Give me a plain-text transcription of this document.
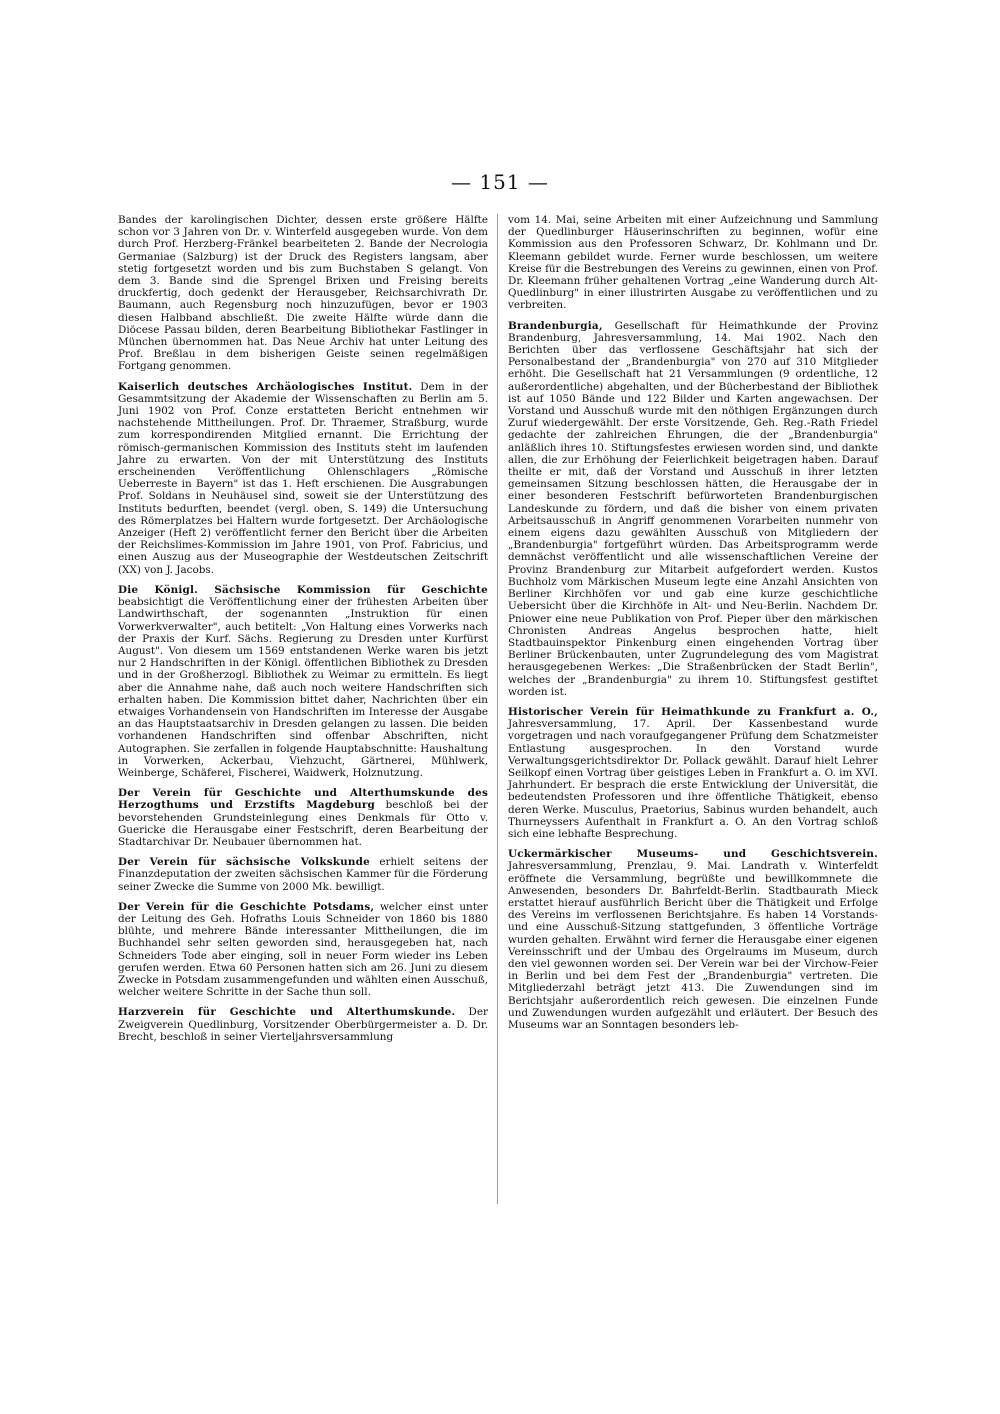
— 151 —

Bandes der karolingischen Dichter, dessen erste größere Hälfte schon vor 3 Jahren von Dr. v. Winterfeld ausgegeben wurde. Von dem durch Prof. Herzberg-Fränkel bearbeiteten 2. Bande der Necrologia Germaniae (Salzburg) ist der Druck des Registers langsam, aber stetig fortgesetzt worden und bis zum Buchstaben S gelangt. Von dem 3. Bande sind die Sprengel Brixen und Freising bereits druckfertig, doch gedenkt der Herausgeber, Reichsarchivrath Dr. Baumann, auch Regensburg noch hinzuzufügen, bevor er 1903 diesen Halbband abschließt. Die zweite Hälfte würde dann die Diöcese Passau bilden, deren Bearbeitung Bibliothekar Fastlinger in München übernommen hat. Das Neue Archiv hat unter Leitung des Prof. Breßlau in dem bisherigen Geiste seinen regelmäßigen Fortgang genommen.

Kaiserlich deutsches Archäologisches Institut. Dem in der Gesammtsitzung der Akademie der Wissenschaften zu Berlin am 5. Juni 1902 von Prof. Conze erstatteten Bericht entnehmen wir nachstehende Mittheilungen. Prof. Dr. Thraemer, Straßburg, wurde zum korrespondirenden Mitglied ernannt. Die Errichtung der römisch-germanischen Kommission des Instituts steht im laufenden Jahre zu erwarten. Von der mit Unterstützung des Instituts erscheinenden Veröffentlichung Ohlenschlagers „Römische Ueberreste in Bayern" ist das 1. Heft erschienen. Die Ausgrabungen Prof. Soldans in Neuhäusel sind, soweit sie der Unterstützung des Instituts bedurften, beendet (vergl. oben, S. 149) die Untersuchung des Römerplatzes bei Haltern wurde fortgesetzt. Der Archäologische Anzeiger (Heft 2) veröffentlicht ferner den Bericht über die Arbeiten der Reichslimes-Kommission im Jahre 1901, von Prof. Fabricius, und einen Auszug aus der Museographie der Westdeutschen Zeitschrift (XX) von J. Jacobs.

Die Königl. Sächsische Kommission für Geschichte beabsichtigt die Veröffentlichung einer der frühesten Arbeiten über Landwirthschaft, der sogenannten „Instruktion für einen Vorwerkverwalter", auch betitelt: „Von Haltung eines Vorwerks nach der Praxis der Kurf. Sächs. Regierung zu Dresden unter Kurfürst August". Von diesem um 1569 entstandenen Werke waren bis jetzt nur 2 Handschriften in der Königl. öffentlichen Bibliothek zu Dresden und in der Großherzogl. Bibliothek zu Weimar zu ermitteln. Es liegt aber die Annahme nahe, daß auch noch weitere Handschriften sich erhalten haben. Die Kommission bittet daher, Nachrichten über ein etwaiges Vorhandensein von Handschriften im Interesse der Ausgabe an das Hauptstaatsarchiv in Dresden gelangen zu lassen. Die beiden vorhandenen Handschriften sind offenbar Abschriften, nicht Autographen. Sie zerfallen in folgende Hauptabschnitte: Haushaltung in Vorwerken, Ackerbau, Viehzucht, Gärtnerei, Mühlwerk, Weinberge, Schäferei, Fischerei, Waidwerk, Holznutzung.

Der Verein für Geschichte und Alterthumskunde des Herzogthums und Erzstifts Magdeburg beschloß bei der bevorstehenden Grundsteinlegung eines Denkmals für Otto v. Guericke die Herausgabe einer Festschrift, deren Bearbeitung der Stadtarchivar Dr. Neubauer übernommen hat.

Der Verein für sächsische Volkskunde erhielt seitens der Finanzdeputation der zweiten sächsischen Kammer für die Förderung seiner Zwecke die Summe von 2000 Mk. bewilligt.

Der Verein für die Geschichte Potsdams, welcher einst unter der Leitung des Geh. Hofraths Louis Schneider von 1860 bis 1880 blühte, und mehrere Bände interessanter Mittheilungen, die im Buchhandel sehr selten geworden sind, herausgegeben hat, nach Schneiders Tode aber einging, soll in neuer Form wieder ins Leben gerufen werden. Etwa 60 Personen hatten sich am 26. Juni zu diesem Zwecke in Potsdam zusammengefunden und wählten einen Ausschuß, welcher weitere Schritte in der Sache thun soll.

Harzverein für Geschichte und Alterthumskunde. Der Zweigverein Quedlinburg, Vorsitzender Oberbürgermeister a. D. Dr. Brecht, beschloß in seiner Vierteljahrsversammlung

vom 14. Mai, seine Arbeiten mit einer Aufzeichnung und Sammlung der Quedlinburger Häuserinschriften zu beginnen, wofür eine Kommission aus den Professoren Schwarz, Dr. Kohlmann und Dr. Kleemann gebildet wurde. Ferner wurde beschlossen, um weitere Kreise für die Bestrebungen des Vereins zu gewinnen, einen von Prof. Dr. Kleemann früher gehaltenen Vortrag „eine Wanderung durch Alt-Quedlinburg" in einer illustrirten Ausgabe zu veröffentlichen und zu verbreiten.

Brandenburgia, Gesellschaft für Heimathkunde der Provinz Brandenburg, Jahresversammlung, 14. Mai 1902. Nach den Berichten über das verflossene Geschäftsjahr hat sich der Personalbestand der „Brandenburgia" von 270 auf 310 Mitglieder erhöht. Die Gesellschaft hat 21 Versammlungen (9 ordentliche, 12 außerordentliche) abgehalten, und der Bücherbestand der Bibliothek ist auf 1050 Bände und 122 Bilder und Karten angewachsen. Der Vorstand und Ausschuß wurde mit den nöthigen Ergänzungen durch Zuruf wiedergewählt. Der erste Vorsitzende, Geh. Reg.-Rath Friedel gedachte der zahlreichen Ehrungen, die der „Brandenburgia" anläßlich ihres 10. Stiftungsfestes erwiesen worden sind, und dankte allen, die zur Erhöhung der Feierlichkeit beigetragen haben. Darauf theilte er mit, daß der Vorstand und Ausschuß in ihrer letzten gemeinsamen Sitzung beschlossen hätten, die Herausgabe der in einer besonderen Festschrift befürworteten Brandenburgischen Landeskunde zu fördern, und daß die bisher von einem privaten Arbeitsausschuß in Angriff genommenen Vorarbeiten nunmehr von einem eigens dazu gewählten Ausschuß von Mitgliedern der „Brandenburgia" fortgeführt würden. Das Arbeitsprogramm werde demnächst veröffentlicht und alle wissenschaftlichen Vereine der Provinz Brandenburg zur Mitarbeit aufgefordert werden. Kustos Buchholz vom Märkischen Museum legte eine Anzahl Ansichten von Berliner Kirchhöfen vor und gab eine kurze geschichtliche Uebersicht über die Kirchhöfe in Alt- und Neu-Berlin. Nachdem Dr. Pniower eine neue Publikation von Prof. Pieper über den märkischen Chronisten Andreas Angelus besprochen hatte, hielt Stadtbauinspektor Pinkenburg einen eingehenden Vortrag über Berliner Brückenbauten, unter Zugrundelegung des vom Magistrat herausgegebenen Werkes: „Die Straßenbrücken der Stadt Berlin", welches der „Brandenburgia" zu ihrem 10. Stiftungsfest gestiftet worden ist.

Historischer Verein für Heimathkunde zu Frankfurt a. O., Jahresversammlung, 17. April. Der Kassenbestand wurde vorgetragen und nach voraufgegangener Prüfung dem Schatzmeister Entlastung ausgesprochen. In den Vorstand wurde Verwaltungsgerichtsdirektor Dr. Pollack gewählt. Darauf hielt Lehrer Seilkopf einen Vortrag über geistiges Leben in Frankfurt a. O. im XVI. Jahrhundert. Er besprach die erste Entwicklung der Universität, die bedeutendsten Professoren und ihre öffentliche Thätigkeit, ebenso deren Werke. Musculus, Praetorius, Sabinus wurden behandelt, auch Thurneyssers Aufenthalt in Frankfurt a. O. An den Vortrag schloß sich eine lebhafte Besprechung.

Uckermärkischer Museums- und Geschichtsverein. Jahresversammlung, Prenzlau, 9. Mai. Landrath v. Winterfeldt eröffnete die Versammlung, begrüßte und bewillkommnete die Anwesenden, besonders Dr. Bahrfeldt-Berlin. Stadtbaurath Mieck erstattet hierauf ausführlich Bericht über die Thätigkeit und Erfolge des Vereins im verflossenen Berichtsjahre. Es haben 14 Vorstands- und eine Ausschuß-Sitzung stattgefunden, 3 öffentliche Vorträge wurden gehalten. Erwähnt wird ferner die Herausgabe einer eigenen Vereinsschrift und der Umbau des Orgelraums im Museum, durch den viel gewonnen worden sei. Der Verein war bei der Virchow-Feier in Berlin und bei dem Fest der „Brandenburgia" vertreten. Die Mitgliederzahl beträgt jetzt 413. Die Zuwendungen sind im Berichtsjahr außerordentlich reich gewesen. Die einzelnen Funde und Zuwendungen wurden aufgezählt und erläutert. Der Besuch des Museums war an Sonntagen besonders leb-
